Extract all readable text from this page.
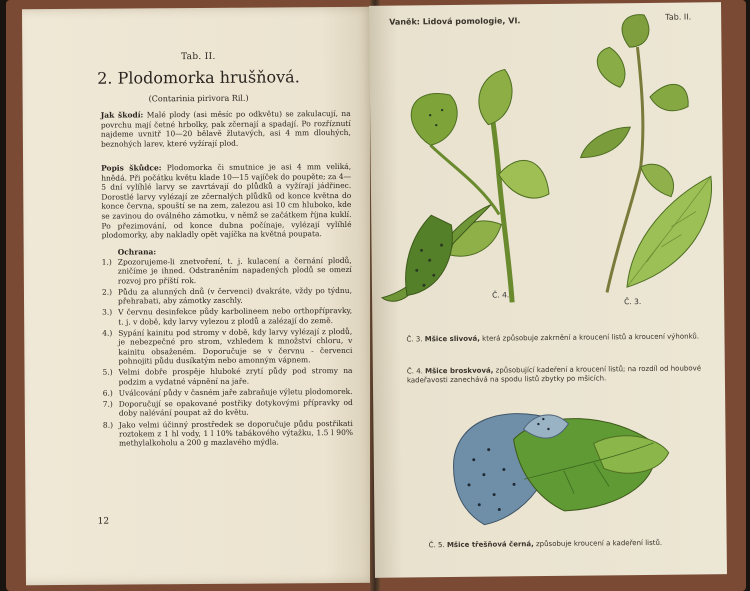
Tab. II.
2. Plodomorka hrušňová.
(Contarinia pirivora Ril.)
Jak škodí: Malé plody (asi měsíc po odkvětu) se zakulacují, na povrchu mají četné hrbolky, pak zčernají a spadají. Po rozříznutí najdeme uvnitř 10—20 bělavě žlutavých, asi 4 mm dlouhých, beznohých larev, které vyžírají plod.
Popis škůdce: Plodomorka či smutnice je asi 4 mm veliká, hnědá. Při počátku květu klade 10—15 vajíček do poupěte; za 4—5 dní vylíhlé larvy se zavrtávají do plůdků a vyžírají jádřinec. Dorostlé larvy vylézají ze zčernalých plůdků od konce května do konce června, spouští se na zem, zalezou asi 10 cm hluboko, kde se zavinou do oválného zámotku, v němž se začátkem října kuklí. Po přezimování, od konce dubna počínaje, vylézají vylíhlé plodomorky, aby nakladly opět vajíčka na květná poupata.
Ochrana:
1.) Zpozorujeme-li znetvoření, t. j. kulacení a černání plodů, zničíme je ihned. Odstraněním napadených plodů se omezí rozvoj pro příští rok.
2.) Půdu za alunných dnů (v červenci) dvakráte, vždy po týdnu, přehrabati, aby zámotky zaschly.
3.) V červnu desinfekce půdy karbolineem nebo orthopřípravky, t. j. v době, kdy larvy vylezou z plodů a zalézají do země.
4.) Sypání kainitu pod stromy v době, kdy larvy vylézají z plodů, je nebezpečné pro strom, vzhledem k množství chloru, v kainitu obsaženém. Doporučuje se v červnu - červenci pohnojiti půdu dusíkatým nebo amonným vápnem.
5.) Velmi dobře prospěje hluboké zrytí půdy pod stromy na podzim a vydatné vápnění na jaře.
6.) Uválcování půdy v časném jaře zabraňuje výletu plodomorek.
7.) Doporučují se opakované postřiky dotykovými přípravky od doby nalévání poupat až do květu.
8.) Jako velmi účinný prostředek se doporučuje půdu postřikati roztokem z 1 hl vody, 1 l 10% tabákového výtažku, 1.5 l 90% methylalkoholu a 200 g mazlavého mýdla.
12
Vaněk: Lidová pomologie, VI.	Tab. II.
Č. 4.
Č. 3.
Č. 3. Mšice slivová, která způsobuje zakrnění a kroucení listů a kroucení výhonků.
Č. 4. Mšice broskvová, způsobující kadeření a kroucení listů; na rozdíl od houbové kadeřavosti zanechává na spodu listů zbytky po mšicích.
Č. 5. Mšice třešňová černá, způsobuje kroucení a kadeření listů.
